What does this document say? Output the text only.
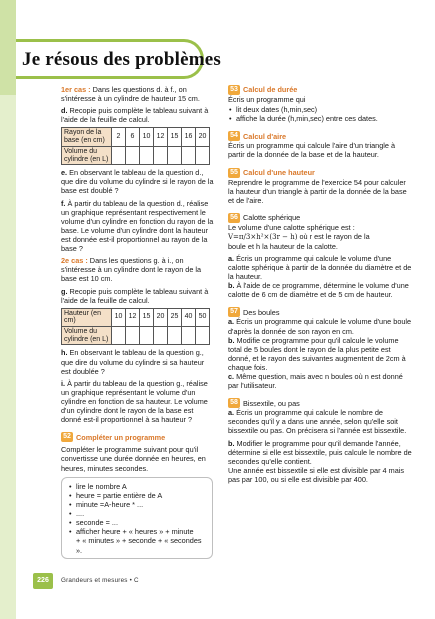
Je résous des problèmes

1er cas : Dans les questions d. à f., on s'intéresse à un cylindre de hauteur 15 cm.

d. Recopie puis complète le tableau suivant à l'aide de la feuille de calcul.

Rayon de la base (en cm)	2	6	10	12	15	16	20
Volume du cylindre (en L)							

e. En observant le tableau de la question d., que dire du volume du cylindre si le rayon de la base est doublé ?

f. À partir du tableau de la question d., réalise un graphique représentant respectivement le volume d'un cylindre en fonction du rayon de la base. Le volume d'un cylindre dont la hauteur est donnée est-il proportionnel au rayon de la base ?

2e cas : Dans les questions g. à i., on s'intéresse à un cylindre dont le rayon de la base est 10 cm.

g. Recopie puis complète le tableau suivant à l'aide de la feuille de calcul.

Hauteur (en cm)	10	12	15	20	25	40	50
Volume du cylindre (en L)							

h. En observant le tableau de la question g., que dire du volume du cylindre si sa hauteur est doublée ?

i. À partir du tableau de la question g., réalise un graphique représentant le volume d'un cylindre en fonction de sa hauteur. Le volume d'un cylindre dont le rayon de la base est donné est-il proportionnel à sa hauteur ?

52 Compléter un programme

Compléter le programme suivant pour qu'il convertisse une durée donnée en heures, en heures, minutes secondes.

• lire le nombre A
• heure = partie entière de A
• minute =A-heure * ...
• ....
• seconde = ...
• afficher heure + « heures » + minute
+ « minutes » + seconde + « secondes ».
53 Calcul de durée

Écris un programme qui

• lit deux dates (h,min,sec)
• affiche la durée (h,min,sec) entre ces dates.
54 Calcul d'aire

Écris un programme qui calcule l'aire d'un triangle à partir de la donnée de la base et de la hauteur.

55 Calcul d'une hauteur

Reprendre le programme de l'exercice 54 pour calculer la hauteur d'un triangle à partir de la donnée de la base et de l'aire.

56 Calotte sphérique

Le volume d'une calotte sphérique est :

V=π/3×h²×(3r − h) où r est le rayon de la

boule et h la hauteur de la calotte.

a. Écris un programme qui calcule le volume d'une calotte sphérique à partir de la donnée du diamètre et de la hauteur.

b. À l'aide de ce programme, détermine le volume d'une calotte de 6 cm de diamètre et de 5 cm de hauteur.

57 Des boules

a. Écris un programme qui calcule le volume d'une boule d'après la donnée de son rayon en cm.

b. Modifie ce programme pour qu'il calcule le volume total de 5 boules dont le rayon de la plus petite est donné, et le rayon des suivantes augmentent de 2cm à chaque fois.

c. Même question, mais avec n boules où n est donné par l'utilisateur.

58 Bissextile, ou pas

a. Écris un programme qui calcule le nombre de secondes qu'il y a dans une année, selon qu'elle soit bissextile ou pas. On précisera si l'année est bissextile.

b. Modifier le programme pour qu'il demande l'année, détermine si elle est bissextile, puis calcule le nombre de secondes qu'elle contient.

Une année est bissextile si elle est divisible par 4 mais pas par 100, ou si elle est divisible par 400.

226	Grandeurs et mesures • C
